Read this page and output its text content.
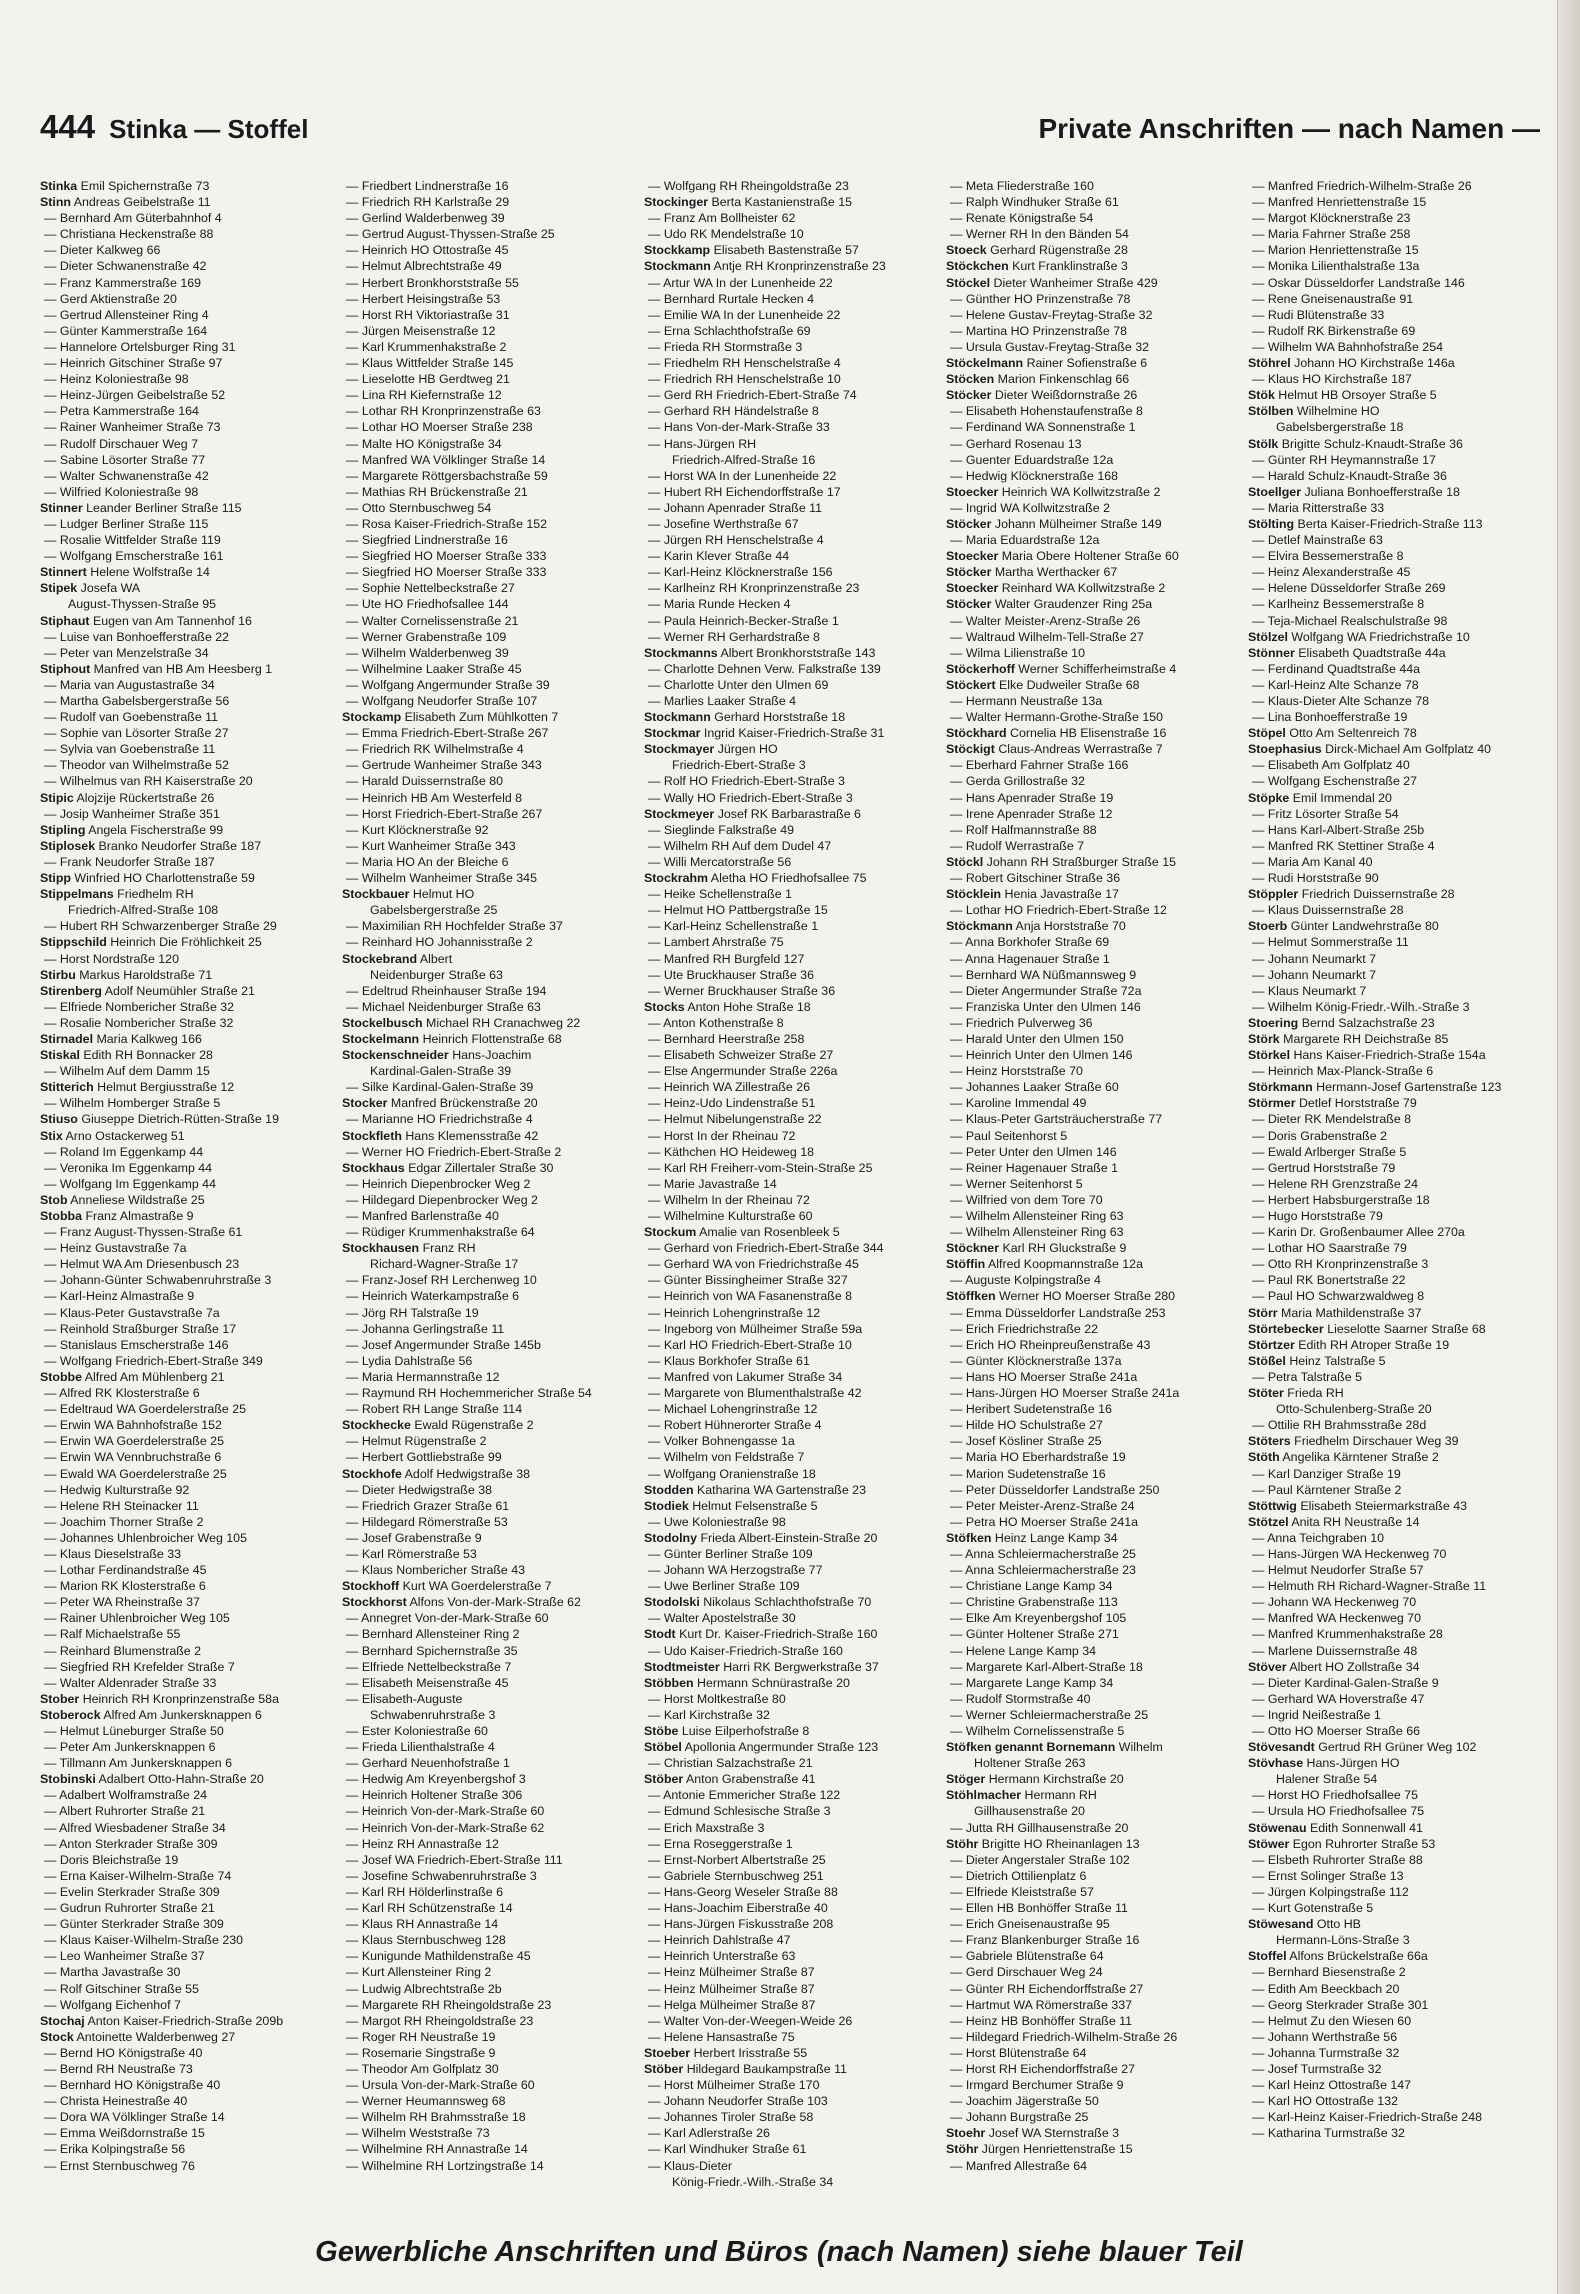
444 Stinka — Stoffel	Private Anschriften — nach Namen —
Stinka Emil Spichernstraße 73
Stinn Andreas Geibelstraße 11
— Bernhard Am Güterbahnhof 4
— Christiana Heckenstraße 88
— Dieter Kalkweg 66
— Dieter Schwanenstraße 42
— Franz Kammerstraße 169
— Gerd Aktienstraße 20
— Gertrud Allensteiner Ring 4
— Günter Kammerstraße 164
— Hannelore Ortelsburger Ring 31
— Heinrich Gitschiner Straße 97
— Heinz Koloniestraße 98
— Heinz-Jürgen Geibelstraße 52
— Petra Kammerstraße 164
— Rainer Wanheimer Straße 73
— Rudolf Dirschauer Weg 7
— Sabine Lösorter Straße 77
— Walter Schwanenstraße 42
— Wilfried Koloniestraße 98
Stinner Leander Berliner Straße 115
— Ludger Berliner Straße 115
— Rosalie Wittfelder Straße 119
— Wolfgang Emscherstraße 161
Stinnert Helene Wolfstraße 14
Stipek Josefa WA
August-Thyssen-Straße 95
Stiphaut Eugen van Am Tannenhof 16
— Luise van Bonhoefferstraße 22
— Peter van Menzelstraße 34
Stiphout Manfred van HB Am Heesberg 1
— Maria van Augustastraße 34
— Martha Gabelsbergerstraße 56
— Rudolf van Goebenstraße 11
— Sophie van Lösorter Straße 27
— Sylvia van Goebenstraße 11
— Theodor van Wilhelmstraße 52
— Wilhelmus van RH Kaiserstraße 20
Stipic Alojzije Rückertstraße 26
— Josip Wanheimer Straße 351
Stipling Angela Fischerstraße 99
Stiplosek Branko Neudorfer Straße 187
— Frank Neudorfer Straße 187
Stipp Winfried HO Charlottenstraße 59
Stippelmans Friedhelm RH
Friedrich-Alfred-Straße 108
— Hubert RH Schwarzenberger Straße 29
Stippschild Heinrich Die Fröhlichkeit 25
— Horst Nordstraße 120
Stirbu Markus Haroldstraße 71
Stirenberg Adolf Neumühler Straße 21
— Elfriede Nombericher Straße 32
— Rosalie Nombericher Straße 32
Stirnadel Maria Kalkweg 166
Stiskal Edith RH Bonnacker 28
— Wilhelm Auf dem Damm 15
Stitterich Helmut Bergiusstraße 12
— Wilhelm Homberger Straße 5
Stiuso Giuseppe Dietrich-Rütten-Straße 19
Stix Arno Ostackerweg 51
— Roland Im Eggenkamp 44
— Veronika Im Eggenkamp 44
— Wolfgang Im Eggenkamp 44
Stob Anneliese Wildstraße 25
Stobba Franz Almastraße 9
— Franz August-Thyssen-Straße 61
— Heinz Gustavstraße 7a
— Helmut WA Am Driesenbusch 23
— Johann-Günter Schwabenruhrstraße 3
— Karl-Heinz Almastraße 9
— Klaus-Peter Gustavstraße 7a
— Reinhold Straßburger Straße 17
— Stanislaus Emscherstraße 146
— Wolfgang Friedrich-Ebert-Straße 349
Stobbe Alfred Am Mühlenberg 21
— Alfred RK Klosterstraße 6
— Edeltraud WA Goerdelerstraße 25
— Erwin WA Bahnhofstraße 152
— Erwin WA Goerdelerstraße 25
— Erwin WA Vennbruchstraße 6
— Ewald WA Goerdelerstraße 25
— Hedwig Kulturstraße 92
— Helene RH Steinacker 11
— Joachim Thorner Straße 2
— Johannes Uhlenbroicher Weg 105
— Klaus Dieselstraße 33
— Lothar Ferdinandstraße 45
— Marion RK Klosterstraße 6
— Peter WA Rheinstraße 37
— Rainer Uhlenbroicher Weg 105
— Ralf Michaelstraße 55
— Reinhard Blumenstraße 2
— Siegfried RH Krefelder Straße 7
— Walter Aldenrader Straße 33
Stober Heinrich RH Kronprinzenstraße 58a
Stoberock Alfred Am Junkersknappen 6
— Helmut Lüneburger Straße 50
— Peter Am Junkersknappen 6
— Tillmann Am Junkersknappen 6
Stobinski Adalbert Otto-Hahn-Straße 20
— Adalbert Wolframstraße 24
— Albert Ruhrorter Straße 21
— Alfred Wiesbadener Straße 34
— Anton Sterkrader Straße 309
— Doris Bleichstraße 19
— Erna Kaiser-Wilhelm-Straße 74
— Evelin Sterkrader Straße 309
— Gudrun Ruhrorter Straße 21
— Günter Sterkrader Straße 309
— Klaus Kaiser-Wilhelm-Straße 230
— Leo Wanheimer Straße 37
— Martha Javastraße 30
— Rolf Gitschiner Straße 55
— Wolfgang Eichenhof 7
Stochaj Anton Kaiser-Friedrich-Straße 209b
Stock Antoinette Walderbenweg 27
— Bernd HO Königstraße 40
— Bernd RH Neustraße 73
— Bernhard HO Königstraße 40
— Christa Heinestraße 40
— Dora WA Völklinger Straße 14
— Emma Weißdornstraße 15
— Erika Kolpingstraße 56
— Ernst Sternbuschweg 76
— Friedbert Lindnerstraße 16
— Friedrich RH Karlstraße 29
— Gerlind Walderbenweg 39
— Gertrud August-Thyssen-Straße 25
— Heinrich HO Ottostraße 45
— Helmut Albrechtstraße 49
— Herbert Bronkhorststraße 55
— Herbert Heisingstraße 53
— Horst RH Viktoriastraße 31
— Jürgen Meisenstraße 12
— Karl Krummenhakstraße 2
— Klaus Wittfelder Straße 145
— Lieselotte HB Gerdtweg 21
— Lina RH Kiefernstraße 12
— Lothar RH Kronprinzenstraße 63
— Lothar HO Moerser Straße 238
— Malte HO Königstraße 34
— Manfred WA Völklinger Straße 14
— Margarete Röttgersbachstraße 59
— Mathias RH Brückenstraße 21
— Otto Sternbuschweg 54
— Rosa Kaiser-Friedrich-Straße 152
— Siegfried Lindnerstraße 16
— Siegfried HO Moerser Straße 333
— Siegfried HO Moerser Straße 333
— Sophie Nettelbeckstraße 27
— Ute HO Friedhofsallee 144
— Walter Cornelissenstraße 21
— Werner Grabenstraße 109
— Wilhelm Walderbenweg 39
— Wilhelmine Laaker Straße 45
— Wolfgang Angermunder Straße 39
— Wolfgang Neudorfer Straße 107
Stockamp Elisabeth Zum Mühlkotten 7
— Emma Friedrich-Ebert-Straße 267
— Friedrich RK Wilhelmstraße 4
— Gertrude Wanheimer Straße 343
— Harald Duissernstraße 80
— Heinrich HB Am Westerfeld 8
— Horst Friedrich-Ebert-Straße 267
— Kurt Klöcknerstraße 92
— Kurt Wanheimer Straße 343
— Maria HO An der Bleiche 6
— Wilhelm Wanheimer Straße 345
Stockbauer Helmut HO
Gabelsbergerstraße 25
— Maximilian RH Hochfelder Straße 37
— Reinhard HO Johannisstraße 2
Stockebrand Albert
Neidenburger Straße 63
— Edeltrud Rheinhauser Straße 194
— Michael Neidenburger Straße 63
Stockelbusch Michael RH Cranachweg 22
Stockelmann Heinrich Flottenstraße 68
Stockenschneider Hans-Joachim
Kardinal-Galen-Straße 39
— Silke Kardinal-Galen-Straße 39
Stocker Manfred Brückenstraße 20
— Marianne HO Friedrichstraße 4
Stockfleth Hans Klemensstraße 42
— Werner HO Friedrich-Ebert-Straße 2
Stockhaus Edgar Zillertaler Straße 30
— Heinrich Diepenbrocker Weg 2
— Hildegard Diepenbrocker Weg 2
— Manfred Barlenstraße 40
— Rüdiger Krummenhakstraße 64
Stockhausen Franz RH
Richard-Wagner-Straße 17
— Franz-Josef RH Lerchenweg 10
— Heinrich Waterkampstraße 6
— Jörg RH Talstraße 19
— Johanna Gerlingstraße 11
— Josef Angermunder Straße 145b
— Lydia Dahlstraße 56
— Maria Hermannstraße 12
— Raymund RH Hochemmericher Straße 54
— Robert RH Lange Straße 114
Stockhecke Ewald Rügenstraße 2
— Helmut Rügenstraße 2
— Herbert Gottliebstraße 99
Stockhofe Adolf Hedwigstraße 38
— Dieter Hedwigstraße 38
— Friedrich Grazer Straße 61
— Hildegard Römerstraße 53
— Josef Grabenstraße 9
— Karl Römerstraße 53
— Klaus Nombericher Straße 43
Stockhoff Kurt WA Goerdelerstraße 7
Stockhorst Alfons Von-der-Mark-Straße 62
— Annegret Von-der-Mark-Straße 60
— Bernhard Allensteiner Ring 2
— Bernhard Spichernstraße 35
— Elfriede Nettelbeckstraße 7
— Elisabeth Meisenstraße 45
— Elisabeth-Auguste
Schwabenruhrstraße 3
— Ester Koloniestraße 60
— Frieda Lilienthalstraße 4
— Gerhard Neuenhofstraße 1
— Hedwig Am Kreyenbergshof 3
— Heinrich Holtener Straße 306
— Heinrich Von-der-Mark-Straße 60
— Heinrich Von-der-Mark-Straße 62
— Heinz RH Annastraße 12
— Josef WA Friedrich-Ebert-Straße 111
— Josefine Schwabenruhrstraße 3
— Karl RH Hölderlinstraße 6
— Karl RH Schützenstraße 14
— Klaus RH Annastraße 14
— Klaus Sternbuschweg 128
— Kunigunde Mathildenstraße 45
— Kurt Allensteiner Ring 2
— Ludwig Albrechtstraße 2b
— Margarete RH Rheingoldstraße 23
— Margot RH Rheingoldstraße 23
— Roger RH Neustraße 19
— Rosemarie Singstraße 9
— Theodor Am Golfplatz 30
— Ursula Von-der-Mark-Straße 60
— Werner Heumannsweg 68
— Wilhelm RH Brahmsstraße 18
— Wilhelm Weststraße 73
— Wilhelmine RH Annastraße 14
— Wilhelmine RH Lortzingstraße 14
— Wolfgang RH Rheingoldstraße 23
Stockinger Berta Kastanienstraße 15
— Franz Am Bollheister 62
— Udo RK Mendelstraße 10
Stockkamp Elisabeth Bastenstraße 57
Stockmann Antje RH Kronprinzenstraße 23
— Artur WA In der Lunenheide 22
— Bernhard Rurtale Hecken 4
— Emilie WA In der Lunenheide 22
— Erna Schlachthofstraße 69
— Frieda RH Stormstraße 3
— Friedhelm RH Henschelstraße 4
— Friedrich RH Henschelstraße 10
— Gerd RH Friedrich-Ebert-Straße 74
— Gerhard RH Händelstraße 8
— Hans Von-der-Mark-Straße 33
— Hans-Jürgen RH
Friedrich-Alfred-Straße 16
— Horst WA In der Lunenheide 22
— Hubert RH Eichendorffstraße 17
— Johann Apenrader Straße 11
— Josefine Werthstraße 67
— Jürgen RH Henschelstraße 4
— Karin Klever Straße 44
— Karl-Heinz Klöcknerstraße 156
— Karlheinz RH Kronprinzenstraße 23
— Maria Runde Hecken 4
— Paula Heinrich-Becker-Straße 1
— Werner RH Gerhardstraße 8
Stockmanns Albert Bronkhorststraße 143
— Charlotte Dehnen Verw. Falkstraße 139
— Charlotte Unter den Ulmen 69
— Marlies Laaker Straße 4
Stockmann Gerhard Horststraße 18
Stockmar Ingrid Kaiser-Friedrich-Straße 31
Stockmayer Jürgen HO
Friedrich-Ebert-Straße 3
— Rolf HO Friedrich-Ebert-Straße 3
— Wally HO Friedrich-Ebert-Straße 3
Stockmeyer Josef RK Barbarastraße 6
— Sieglinde Falkstraße 49
— Wilhelm RH Auf dem Dudel 47
— Willi Mercatorstraße 56
Stockrahm Aletha HO Friedhofsallee 75
— Heike Schellenstraße 1
— Helmut HO Pattbergstraße 15
— Karl-Heinz Schellenstraße 1
— Lambert Ahrstraße 75
— Manfred RH Burgfeld 127
— Ute Bruckhauser Straße 36
— Werner Bruckhauser Straße 36
Stocks Anton Hohe Straße 18
— Anton Kothenstraße 8
— Bernhard Heerstraße 258
— Elisabeth Schweizer Straße 27
— Else Angermunder Straße 226a
— Heinrich WA Zillestraße 26
— Heinz-Udo Lindenstraße 51
— Helmut Nibelungenstraße 22
— Horst In der Rheinau 72
— Käthchen HO Heideweg 18
— Karl RH Freiherr-vom-Stein-Straße 25
— Marie Javastraße 14
— Wilhelm In der Rheinau 72
— Wilhelmine Kulturstraße 60
Stockum Amalie van Rosenbleek 5
— Gerhard von Friedrich-Ebert-Straße 344
— Gerhard WA von Friedrichstraße 45
— Günter Bissingheimer Straße 327
— Heinrich von WA Fasanenstraße 8
— Heinrich Lohengrinstraße 12
— Ingeborg von Mülheimer Straße 59a
— Karl HO Friedrich-Ebert-Straße 10
— Klaus Borkhofer Straße 61
— Manfred von Lakumer Straße 34
— Margarete von Blumenthalstraße 42
— Michael Lohengrinstraße 12
— Robert Hühnerorter Straße 4
— Volker Bohnengasse 1a
— Wilhelm von Feldstraße 7
— Wolfgang Oranienstraße 18
Stodden Katharina WA Gartenstraße 23
Stodiek Helmut Felsenstraße 5
— Uwe Koloniestraße 98
Stodolny Frieda Albert-Einstein-Straße 20
— Günter Berliner Straße 109
— Johann WA Herzogstraße 77
— Uwe Berliner Straße 109
Stodolski Nikolaus Schlachthofstraße 70
— Walter Apostelstraße 30
Stodt Kurt Dr. Kaiser-Friedrich-Straße 160
— Udo Kaiser-Friedrich-Straße 160
Stodtmeister Harri RK Bergwerkstraße 37
Stöbben Hermann Schnürastraße 20
— Horst Moltkestraße 80
— Karl Kirchstraße 32
Stöbe Luise Eilperhofstraße 8
Stöbel Apollonia Angermunder Straße 123
— Christian Salzachstraße 21
Stöber Anton Grabenstraße 41
— Antonie Emmericher Straße 122
— Edmund Schlesische Straße 3
— Erich Maxstraße 3
— Erna Roseggerstraße 1
— Ernst-Norbert Albertstraße 25
— Gabriele Sternbuschweg 251
— Hans-Georg Weseler Straße 88
— Hans-Joachim Eiberstraße 40
— Hans-Jürgen Fiskusstraße 208
— Heinrich Dahlstraße 47
— Heinrich Unterstraße 63
— Heinz Mülheimer Straße 87
— Heinz Mülheimer Straße 87
— Helga Mülheimer Straße 87
— Walter Von-der-Weegen-Weide 26
— Helene Hansastraße 75
Stoeber Herbert Irisstraße 55
Stöber Hildegard Baukampstraße 11
— Horst Mülheimer Straße 170
— Johann Neudorfer Straße 103
— Johannes Tiroler Straße 58
— Karl Adlerstraße 26
— Karl Windhuker Straße 61
— Klaus-Dieter
König-Friedr.-Wilh.-Straße 34
— Meta Fliederstraße 160
— Ralph Windhuker Straße 61
— Renate Königstraße 54
— Werner RH In den Bänden 54
Stoeck Gerhard Rügenstraße 28
Stöckchen Kurt Franklinstraße 3
Stöckel Dieter Wanheimer Straße 429
— Günther HO Prinzenstraße 78
— Helene Gustav-Freytag-Straße 32
— Martina HO Prinzenstraße 78
— Ursula Gustav-Freytag-Straße 32
Stöckelmann Rainer Sofienstraße 6
Stöcken Marion Finkenschlag 66
Stöcker Dieter Weißdornstraße 26
— Elisabeth Hohenstaufenstraße 8
— Ferdinand WA Sonnenstraße 1
— Gerhard Rosenau 13
— Guenter Eduardstraße 12a
— Hedwig Klöcknerstraße 168
Stoecker Heinrich WA Kollwitzstraße 2
— Ingrid WA Kollwitzstraße 2
Stöcker Johann Mülheimer Straße 149
— Maria Eduardstraße 12a
Stoecker Maria Obere Holtener Straße 60
Stöcker Martha Werthacker 67
Stoecker Reinhard WA Kollwitzstraße 2
Stöcker Walter Graudenzer Ring 25a
— Walter Meister-Arenz-Straße 26
— Waltraud Wilhelm-Tell-Straße 27
— Wilma Lilienstraße 10
Stöckerhoff Werner Schifferheimstraße 4
Stöckert Elke Dudweiler Straße 68
— Hermann Neustraße 13a
— Walter Hermann-Grothe-Straße 150
Stöckhard Cornelia HB Elisenstraße 16
Stöckigt Claus-Andreas Werrastraße 7
— Eberhard Fahrner Straße 166
— Gerda Grillostraße 32
— Hans Apenrader Straße 19
— Irene Apenrader Straße 12
— Rolf Halfmannstraße 88
— Rudolf Werrastraße 7
Stöckl Johann RH Straßburger Straße 15
— Robert Gitschiner Straße 36
Stöcklein Henia Javastraße 17
— Lothar HO Friedrich-Ebert-Straße 12
Stöckmann Anja Horststraße 70
— Anna Borkhofer Straße 69
— Anna Hagenauer Straße 1
— Bernhard WA Nüßmannsweg 9
— Dieter Angermunder Straße 72a
— Franziska Unter den Ulmen 146
— Friedrich Pulverweg 36
— Harald Unter den Ulmen 150
— Heinrich Unter den Ulmen 146
— Heinz Horststraße 70
— Johannes Laaker Straße 60
— Karoline Immendal 49
— Klaus-Peter Gartsträucherstraße 77
— Paul Seitenhorst 5
— Peter Unter den Ulmen 146
— Reiner Hagenauer Straße 1
— Werner Seitenhorst 5
— Wilfried von dem Tore 70
— Wilhelm Allensteiner Ring 63
— Wilhelm Allensteiner Ring 63
Stöckner Karl RH Gluckstraße 9
Stöffin Alfred Koopmannstraße 12a
— Auguste Kolpingstraße 4
Stöffken Werner HO Moerser Straße 280
— Emma Düsseldorfer Landstraße 253
— Erich Friedrichstraße 22
— Erich HO Rheinpreußenstraße 43
— Günter Klöcknerstraße 137a
— Hans HO Moerser Straße 241a
— Hans-Jürgen HO Moerser Straße 241a
— Heribert Sudetenstraße 16
— Hilde HO Schulstraße 27
— Josef Kösliner Straße 25
— Maria HO Eberhardstraße 19
— Marion Sudetenstraße 16
— Peter Düsseldorfer Landstraße 250
— Peter Meister-Arenz-Straße 24
— Petra HO Moerser Straße 241a
Stöfken Heinz Lange Kamp 34
— Anna Schleiermacherstraße 25
— Anna Schleiermacherstraße 23
— Christiane Lange Kamp 34
— Christine Grabenstraße 113
— Elke Am Kreyenbergshof 105
— Günter Holtener Straße 271
— Helene Lange Kamp 34
— Margarete Karl-Albert-Straße 18
— Margarete Lange Kamp 34
— Rudolf Stormstraße 40
— Werner Schleiermacherstraße 25
— Wilhelm Cornelissenstraße 5
Stöfken genannt Bornemann Wilhelm
Holtener Straße 263
Stöger Hermann Kirchstraße 20
Stöhlmacher Hermann RH
Gillhausenstraße 20
— Jutta RH Gillhausenstraße 20
Stöhr Brigitte HO Rheinanlagen 13
— Dieter Angerstaler Straße 102
— Dietrich Ottilienplatz 6
— Elfriede Kleiststraße 57
— Ellen HB Bonhöffer Straße 11
— Erich Gneisenaustraße 95
— Franz Blankenburger Straße 16
— Gabriele Blütenstraße 64
— Gerd Dirschauer Weg 24
— Günter RH Eichendorffstraße 27
— Hartmut WA Römerstraße 337
— Heinz HB Bonhöffer Straße 11
— Hildegard Friedrich-Wilhelm-Straße 26
— Horst Blütenstraße 64
— Horst RH Eichendorffstraße 27
— Irmgard Berchumer Straße 9
— Joachim Jägerstraße 50
— Johann Burgstraße 25
Stoehr Josef WA Sternstraße 3
Stöhr Jürgen Henriettenstraße 15
— Manfred Allestraße 64
— Manfred Friedrich-Wilhelm-Straße 26
— Manfred Henriettenstraße 15
— Margot Klöcknerstraße 23
— Maria Fahrner Straße 258
— Marion Henriettenstraße 15
— Monika Lilienthalstraße 13a
— Oskar Düsseldorfer Landstraße 146
— Rene Gneisenaustraße 91
— Rudi Blütenstraße 33
— Rudolf RK Birkenstraße 69
— Wilhelm WA Bahnhofstraße 254
Stöhrel Johann HO Kirchstraße 146a
— Klaus HO Kirchstraße 187
Stök Helmut HB Orsoyer Straße 5
Stölben Wilhelmine HO
Gabelsbergerstraße 18
Stölk Brigitte Schulz-Knaudt-Straße 36
— Günter RH Heymannstraße 17
— Harald Schulz-Knaudt-Straße 36
Stoellger Juliana Bonhoefferstraße 18
— Maria Ritterstraße 33
Stölting Berta Kaiser-Friedrich-Straße 113
— Detlef Mainstraße 63
— Elvira Bessemerstraße 8
— Heinz Alexanderstraße 45
— Helene Düsseldorfer Straße 269
— Karlheinz Bessemerstraße 8
— Teja-Michael Realschulstraße 98
Stölzel Wolfgang WA Friedrichstraße 10
Stönner Elisabeth Quadtstraße 44a
— Ferdinand Quadtstraße 44a
— Karl-Heinz Alte Schanze 78
— Klaus-Dieter Alte Schanze 78
— Lina Bonhoefferstraße 19
Stöpel Otto Am Seltenreich 78
Stoephasius Dirck-Michael Am Golfplatz 40
— Elisabeth Am Golfplatz 40
— Wolfgang Eschenstraße 27
Stöpke Emil Immendal 20
— Fritz Lösorter Straße 54
— Hans Karl-Albert-Straße 25b
— Manfred RK Stettiner Straße 4
— Maria Am Kanal 40
— Rudi Horststraße 90
Stöppler Friedrich Duissernstraße 28
— Klaus Duissernstraße 28
Stoerb Günter Landwehrstraße 80
— Helmut Sommerstraße 11
— Johann Neumarkt 7
— Johann Neumarkt 7
— Klaus Neumarkt 7
— Wilhelm König-Friedr.-Wilh.-Straße 3
Stoering Bernd Salzachstraße 23
Störk Margarete RH Deichstraße 85
Störkel Hans Kaiser-Friedrich-Straße 154a
— Heinrich Max-Planck-Straße 6
Störkmann Hermann-Josef Gartenstraße 123
Störmer Detlef Horststraße 79
— Dieter RK Mendelstraße 8
— Doris Grabenstraße 2
— Ewald Arlberger Straße 5
— Gertrud Horststraße 79
— Helene RH Grenzstraße 24
— Herbert Habsburgerstraße 18
— Hugo Horststraße 79
— Karin Dr. Großenbaumer Allee 270a
— Lothar HO Saarstraße 79
— Otto RH Kronprinzenstraße 3
— Paul RK Bonertstraße 22
— Paul HO Schwarzwaldweg 8
Störr Maria Mathildenstraße 37
Störtebecker Lieselotte Saarner Straße 68
Störtzer Edith RH Atroper Straße 19
Stößel Heinz Talstraße 5
— Petra Talstraße 5
Stöter Frieda RH
Otto-Schulenberg-Straße 20
— Ottilie RH Brahmsstraße 28d
Stöters Friedhelm Dirschauer Weg 39
Stöth Angelika Kärntener Straße 2
— Karl Danziger Straße 19
— Paul Kärntener Straße 2
Stöttwig Elisabeth Steiermarkstraße 43
Stötzel Anita RH Neustraße 14
— Anna Teichgraben 10
— Hans-Jürgen WA Heckenweg 70
— Helmut Neudorfer Straße 57
— Helmuth RH Richard-Wagner-Straße 11
— Johann WA Heckenweg 70
— Manfred WA Heckenweg 70
— Manfred Krummenhakstraße 28
— Marlene Duissernstraße 48
Stöver Albert HO Zollstraße 34
— Dieter Kardinal-Galen-Straße 9
— Gerhard WA Hoverstraße 47
— Ingrid Neißestraße 1
— Otto HO Moerser Straße 66
Stövesandt Gertrud RH Grüner Weg 102
Stövhase Hans-Jürgen HO
Halener Straße 54
— Horst HO Friedhofsallee 75
— Ursula HO Friedhofsallee 75
Stöwenau Edith Sonnenwall 41
Stöwer Egon Ruhrorter Straße 53
— Elsbeth Ruhrorter Straße 88
— Ernst Solinger Straße 13
— Jürgen Kolpingstraße 112
— Kurt Gotenstraße 5
Stöwesand Otto HB
Hermann-Löns-Straße 3
Stoffel Alfons Brückelstraße 66a
— Bernhard Biesenstraße 2
— Edith Am Beeckbach 20
— Georg Sterkrader Straße 301
— Helmut Zu den Wiesen 60
— Johann Werthstraße 56
— Johanna Turmstraße 32
— Josef Turmstraße 32
— Karl Heinz Ottostraße 147
— Karl HO Ottostraße 132
— Karl-Heinz Kaiser-Friedrich-Straße 248
— Katharina Turmstraße 32
Gewerbliche Anschriften und Büros (nach Namen) siehe blauer Teil
